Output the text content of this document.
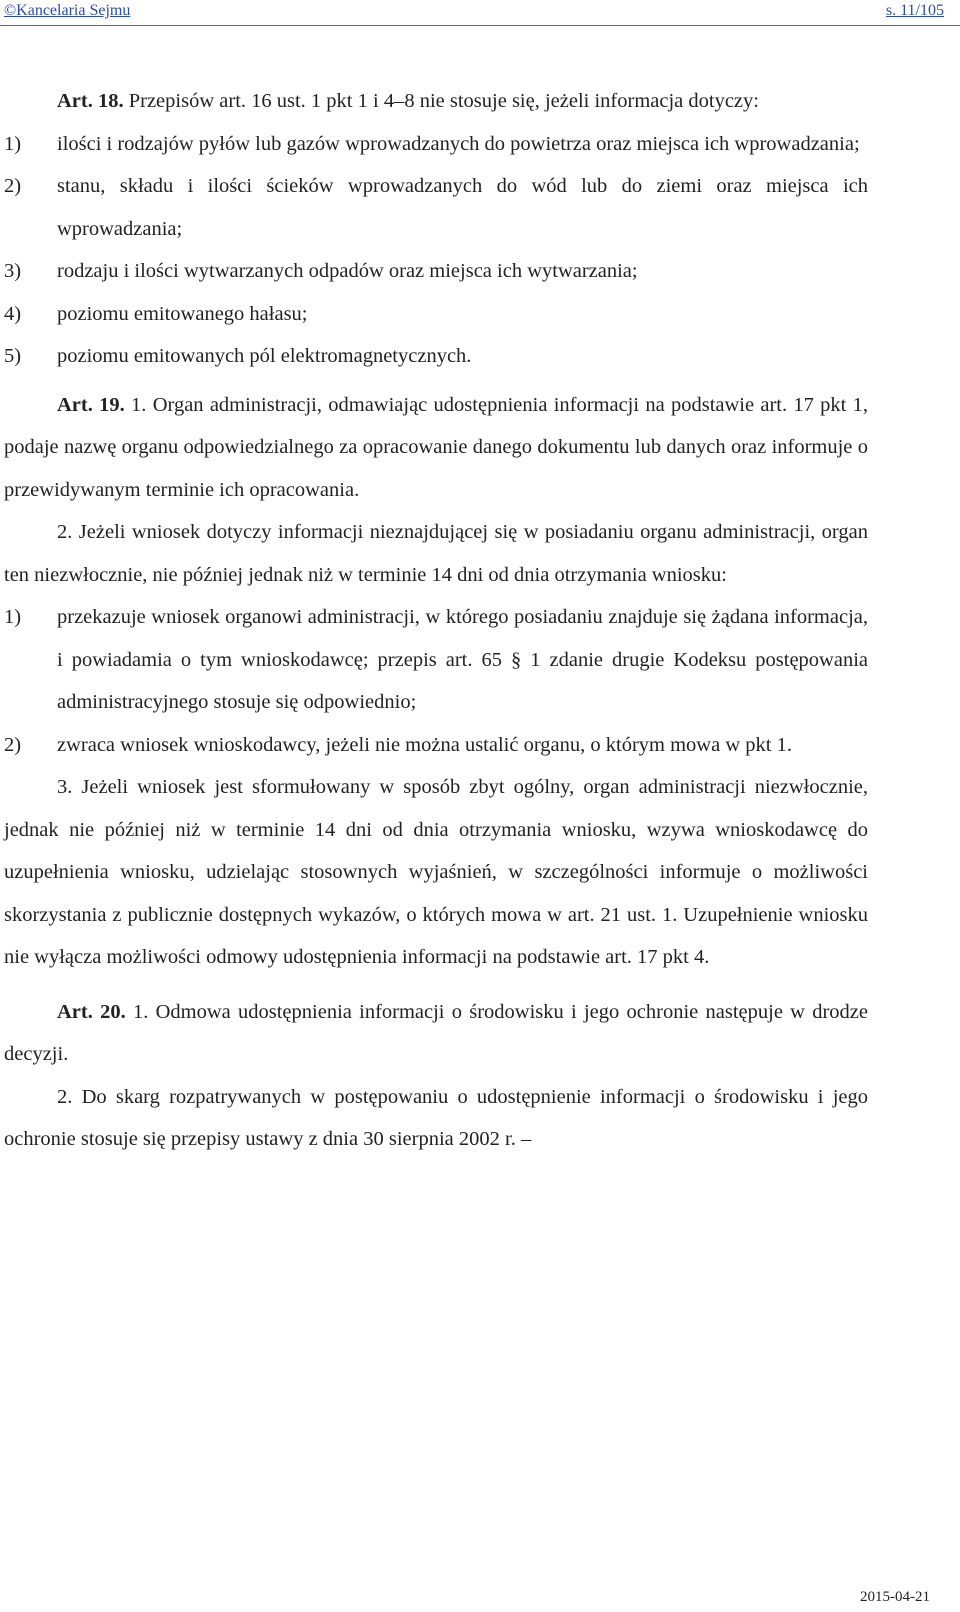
©Kancelaria Sejmu	s. 11/105

Art. 18. Przepisów art. 16 ust. 1 pkt 1 i 4–8 nie stosuje się, jeżeli informacja dotyczy:

1) ilości i rodzajów pyłów lub gazów wprowadzanych do powietrza oraz miejsca ich wprowadzania;

2) stanu, składu i ilości ścieków wprowadzanych do wód lub do ziemi oraz miejsca ich wprowadzania;

3) rodzaju i ilości wytwarzanych odpadów oraz miejsca ich wytwarzania;

4) poziomu emitowanego hałasu;

5) poziomu emitowanych pól elektromagnetycznych.

Art. 19. 1. Organ administracji, odmawiając udostępnienia informacji na podstawie art. 17 pkt 1, podaje nazwę organu odpowiedzialnego za opracowanie danego dokumentu lub danych oraz informuje o przewidywanym terminie ich opracowania.

2. Jeżeli wniosek dotyczy informacji nieznajdującej się w posiadaniu organu administracji, organ ten niezwłocznie, nie później jednak niż w terminie 14 dni od dnia otrzymania wniosku:

1) przekazuje wniosek organowi administracji, w którego posiadaniu znajduje się żądana informacja, i powiadamia o tym wnioskodawcę; przepis art. 65 § 1 zdanie drugie Kodeksu postępowania administracyjnego stosuje się odpowiednio;

2) zwraca wniosek wnioskodawcy, jeżeli nie można ustalić organu, o którym mowa w pkt 1.

3. Jeżeli wniosek jest sformułowany w sposób zbyt ogólny, organ administracji niezwłocznie, jednak nie później niż w terminie 14 dni od dnia otrzymania wniosku, wzywa wnioskodawcę do uzupełnienia wniosku, udzielając stosownych wyjaśnień, w szczególności informuje o możliwości skorzystania z publicznie dostępnych wykazów, o których mowa w art. 21 ust. 1. Uzupełnienie wniosku nie wyłącza możliwości odmowy udostępnienia informacji na podstawie art. 17 pkt 4.

Art. 20. 1. Odmowa udostępnienia informacji o środowisku i jego ochronie następuje w drodze decyzji.

2. Do skarg rozpatrywanych w postępowaniu o udostępnienie informacji o środowisku i jego ochronie stosuje się przepisy ustawy z dnia 30 sierpnia 2002 r. –

2015-04-21
